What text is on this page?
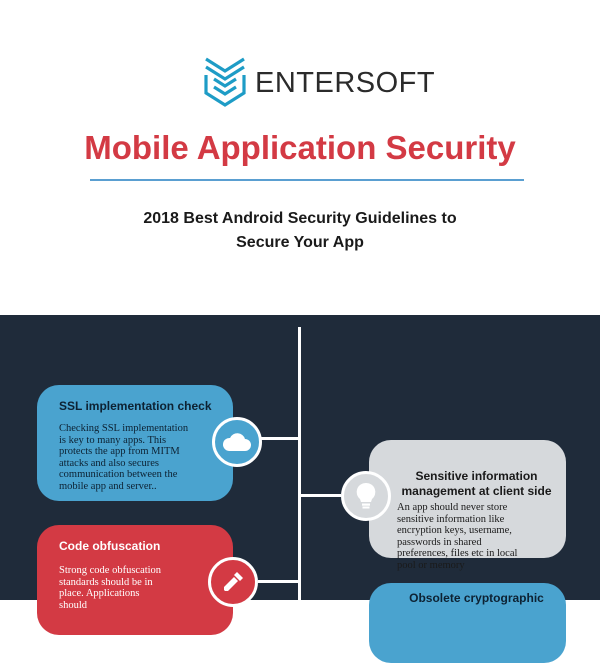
ENTERSOFT
Mobile Application Security
2018 Best Android Security Guidelines to
Secure Your App
SSL implementation check
Checking SSL implementation
is key to many apps. This
protects the app from MITM
attacks and also secures
communication between the
mobile app and server..

Sensitive information
management at client side

An app should never store
sensitive information like
encryption keys, username,
passwords in shared
preferences, files etc in local
pool or memory
Code obfuscation
Strong code obfuscation
standards should be in
place. Applications
should
Obsolete cryptographic
